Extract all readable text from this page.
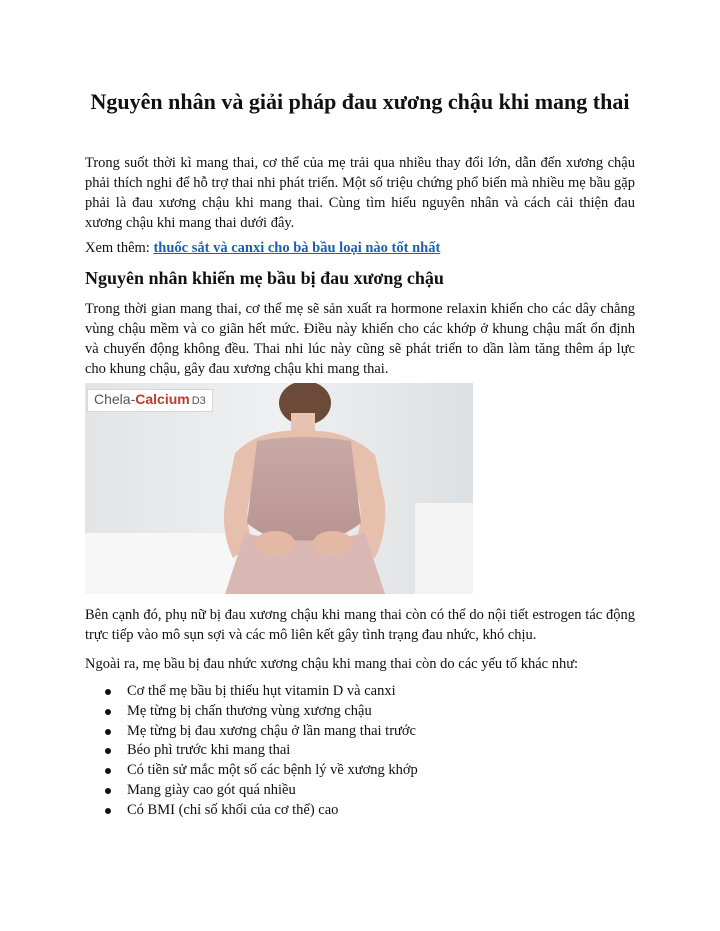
Nguyên nhân và giải pháp đau xương chậu khi mang thai

Trong suốt thời kì mang thai, cơ thể của mẹ trải qua nhiều thay đổi lớn, dẫn đến xương chậu phải thích nghi để hỗ trợ thai nhi phát triển. Một số triệu chứng phổ biến mà nhiều mẹ bầu gặp phải là đau xương chậu khi mang thai. Cùng tìm hiểu nguyên nhân và cách cải thiện đau xương chậu khi mang thai dưới đây.

Xem thêm: thuốc sắt và canxi cho bà bầu loại nào tốt nhất

Nguyên nhân khiến mẹ bầu bị đau xương chậu

Trong thời gian mang thai, cơ thể mẹ sẽ sản xuất ra hormone relaxin khiến cho các dây chằng vùng chậu mềm và co giãn hết mức. Điều này khiến cho các khớp ở khung chậu mất ổn định và chuyển động không đều. Thai nhi lúc này cũng sẽ phát triển to dần làm tăng thêm áp lực cho khung chậu, gây đau xương chậu khi mang thai.

Chela-Calcium D3

Bên cạnh đó, phụ nữ bị đau xương chậu khi mang thai còn có thể do nội tiết estrogen tác động trực tiếp vào mô sụn sợi và các mô liên kết gây tình trạng đau nhức, khó chịu.

Ngoài ra, mẹ bầu bị đau nhức xương chậu khi mang thai còn do các yếu tố khác như:

Cơ thể mẹ bầu bị thiếu hụt vitamin D và canxi
Mẹ từng bị chấn thương vùng xương chậu
Mẹ từng bị đau xương chậu ở lần mang thai trước
Béo phì trước khi mang thai
Có tiền sử mắc một số các bệnh lý về xương khớp
Mang giày cao gót quá nhiều
Có BMI (chỉ số khối của cơ thể) cao
